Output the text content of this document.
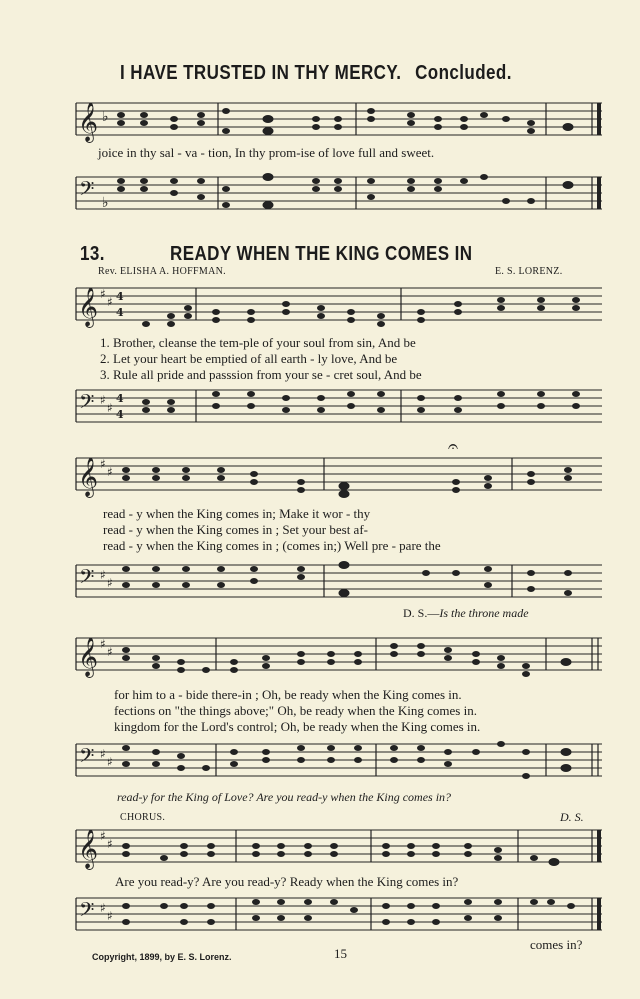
I HAVE TRUSTED IN THY MERCY. Concluded.
𝄞 ♭
joice in thy sal - va - tion, In thy prom-ise of love full and sweet.
𝄢 ♭
13.	READY WHEN THE KING COMES IN
Rev. ELISHA A. HOFFMAN.	E. S. LORENZ.
𝄞 ♯
♯ 4
4
1. Brother, cleanse the tem-ple of your soul from sin, And be
2. Let your heart be emptied of all earth - ly love, And be
3. Rule all pride and passsion from your se - cret soul, And be
𝄢 ♯
♯
4
4
𝄐
𝄞 ♯
♯
read - y when the King comes in; Make it wor - thy
read - y when the King comes in ; Set your best af-
read - y when the King comes in ; (comes in;) Well pre - pare the
𝄢 ♯
♯
D. S.—Is the throne made
𝄞 ♯
♯
for him to a - bide there-in ; Oh, be ready when the King comes in.
fections on "the things above;" Oh, be ready when the King comes in.
kingdom for the Lord's control; Oh, be ready when the King comes in.
𝄢 ♯
♯
read-y for the King of Love? Are you read-y when the King comes in?
CHORUS.	D. S.
𝄞 ♯
♯
Are you read-y? Are you read-y? Ready when the King comes in?
𝄢 ♯
♯
comes in?
Copyright, 1899, by E. S. Lorenz.	15
